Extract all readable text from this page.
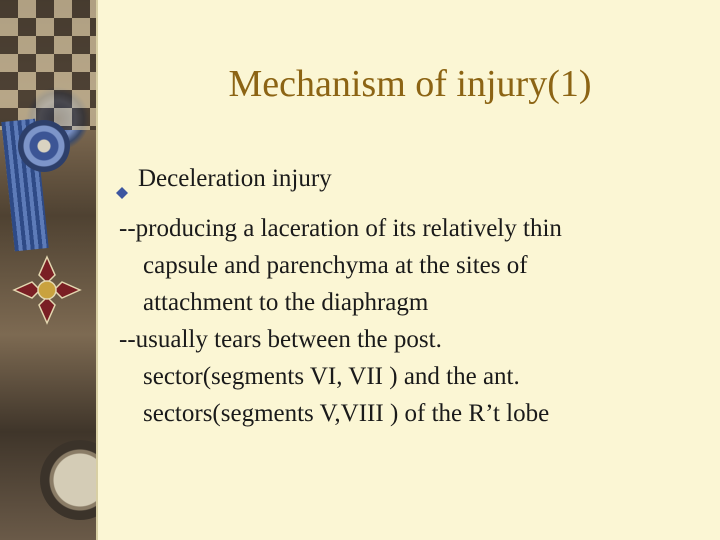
Mechanism of injury(1)
Deceleration injury
--producing a laceration of its relatively thin
capsule and parenchyma at the sites of
attachment to the diaphragm
--usually tears between the post.
sector(segments VI, VII ) and the ant.
sectors(segments V,VIII ) of the R’t lobe
